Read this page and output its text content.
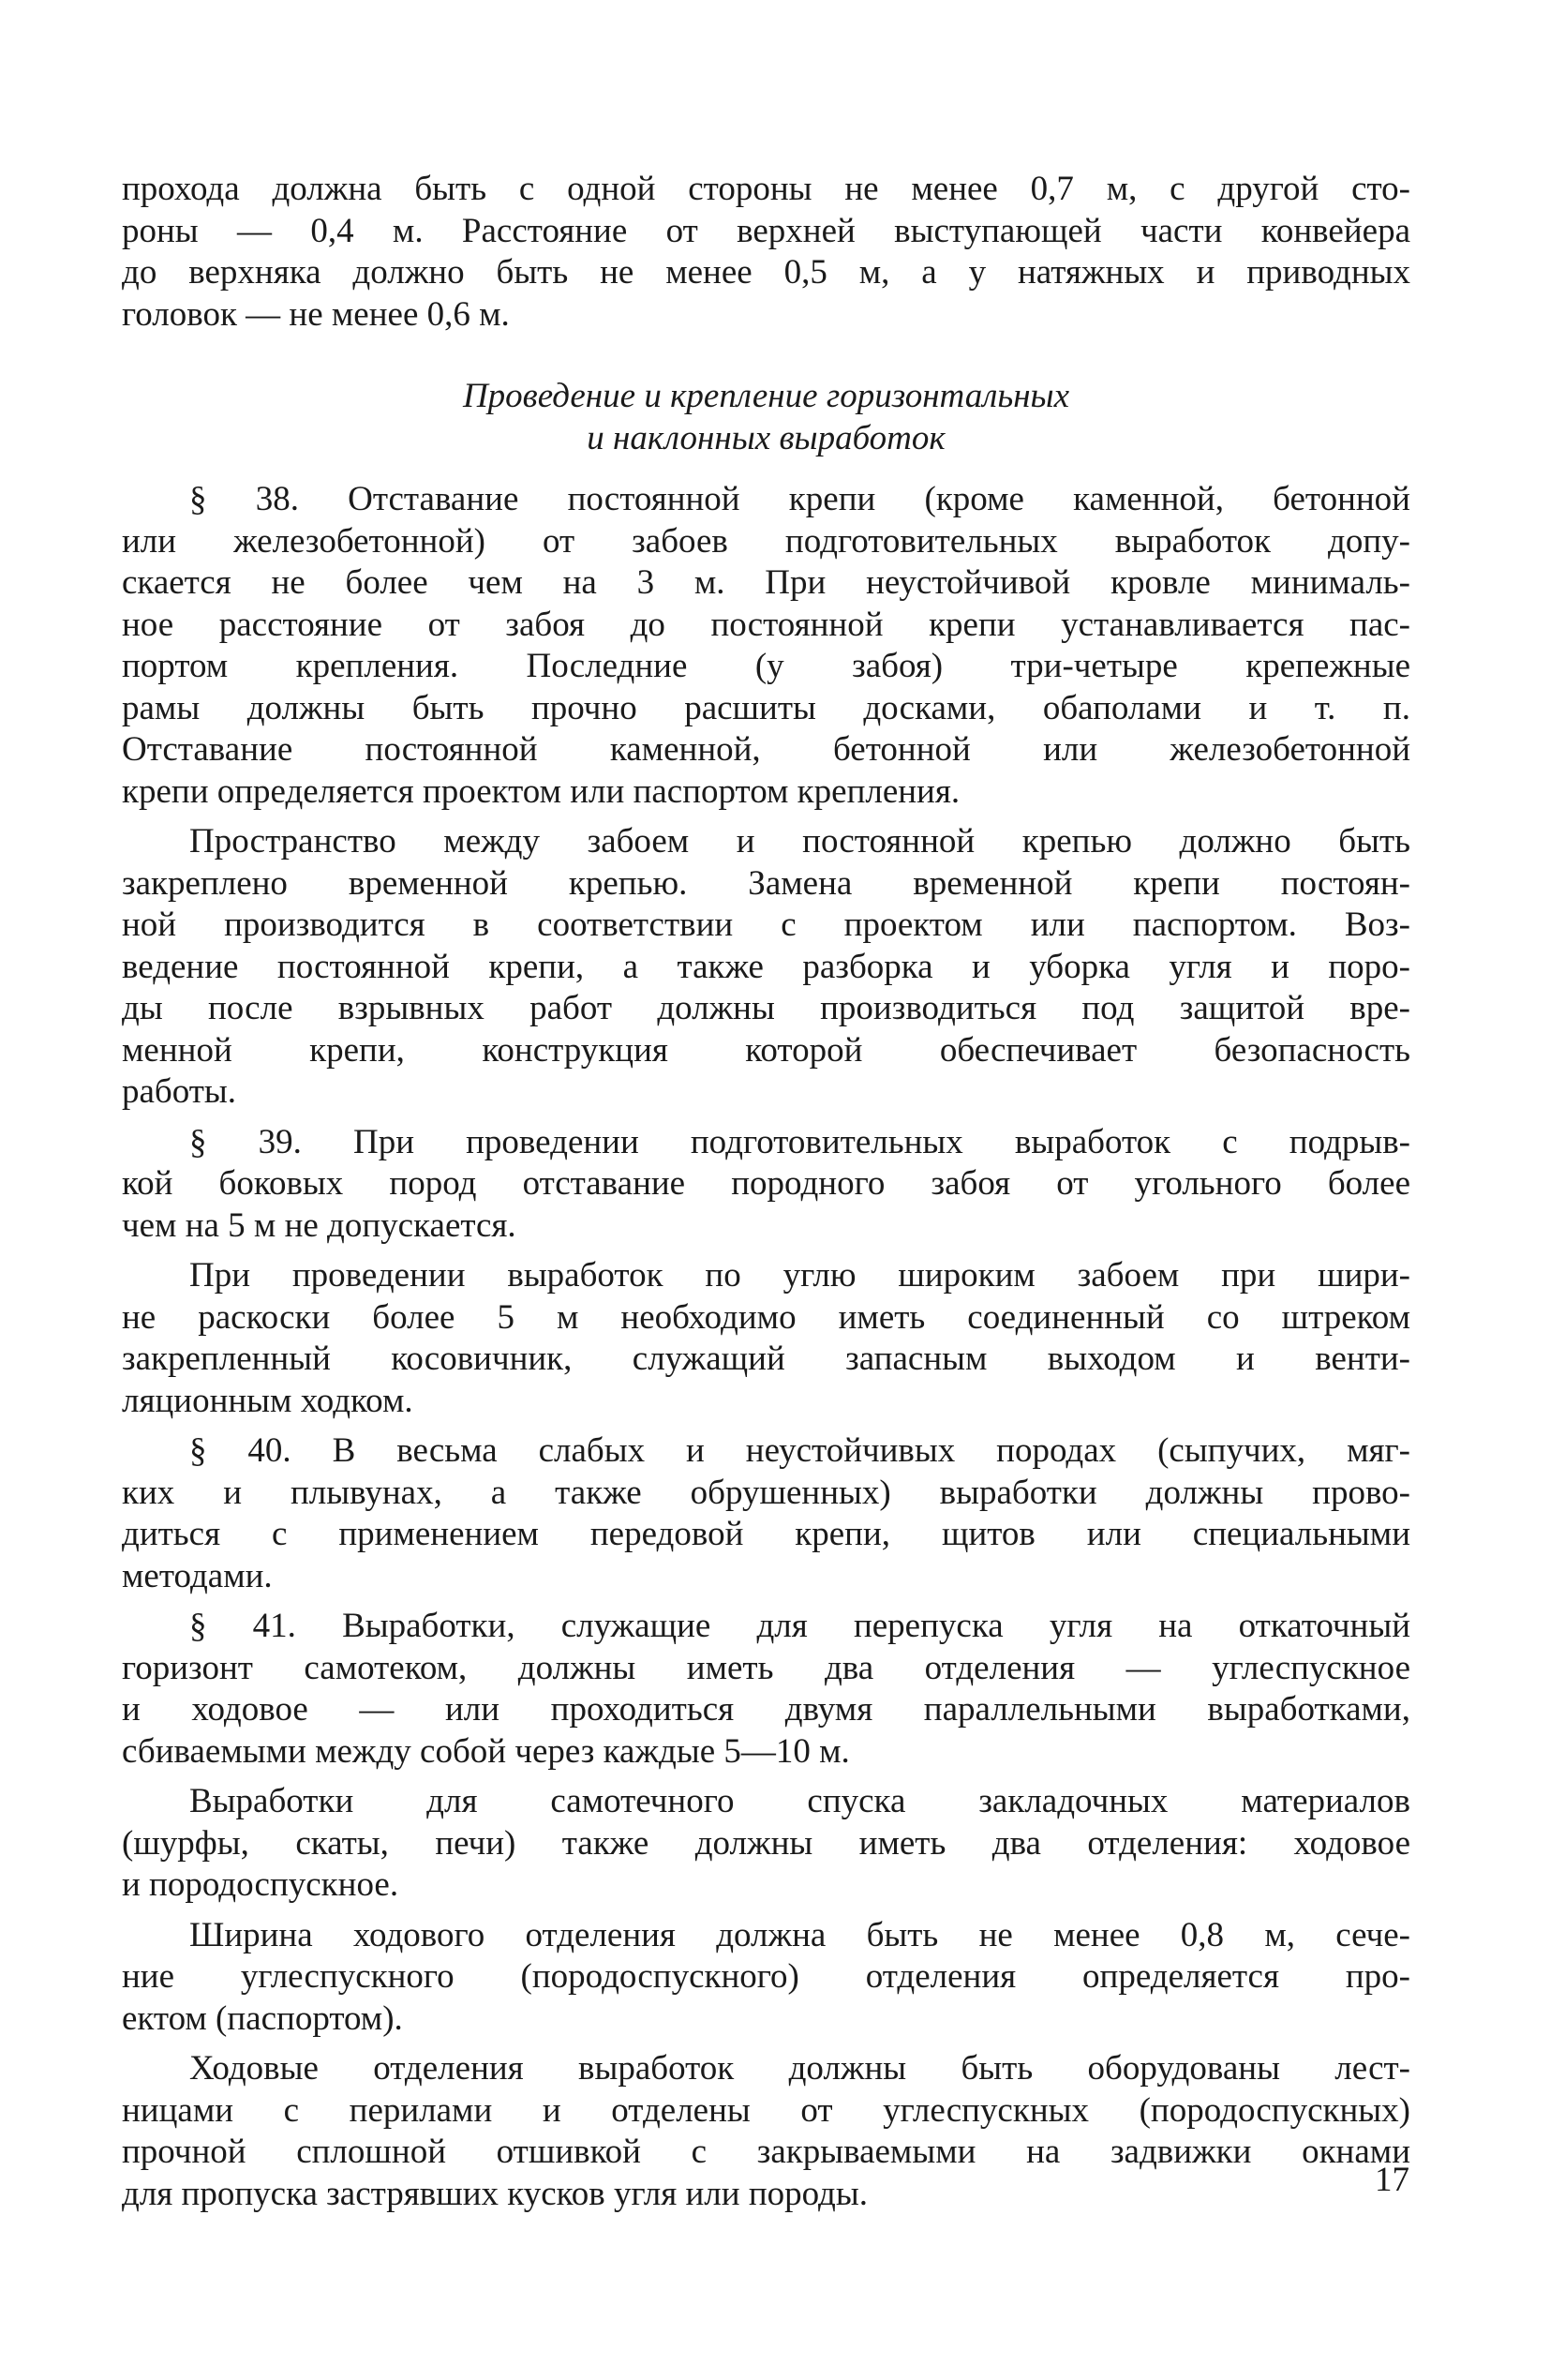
прохода должна быть с одной стороны не менее 0,7 м, с другой сто-
роны — 0,4 м. Расстояние от верхней выступающей части конвейера
до верхняка должно быть не менее 0,5 м, а у натяжных и приводных
головок — не менее 0,6 м.
Проведение и крепление горизонтальных
и наклонных выработок
§ 38. Отставание постоянной крепи (кроме каменной, бетонной
или железобетонной) от забоев подготовительных выработок допу-
скается не более чем на 3 м. При неустойчивой кровле минималь-
ное расстояние от забоя до постоянной крепи устанавливается пас-
портом крепления. Последние (у забоя) три-четыре крепежные
рамы должны быть прочно расшиты досками, обаполами и т. п.
Отставание постоянной каменной, бетонной или железобетонной
крепи определяется проектом или паспортом крепления.
Пространство между забоем и постоянной крепью должно быть
закреплено временной крепью. Замена временной крепи постоян-
ной производится в соответствии с проектом или паспортом. Воз-
ведение постоянной крепи, а также разборка и уборка угля и поро-
ды после взрывных работ должны производиться под защитой вре-
менной крепи, конструкция которой обеспечивает безопасность
работы.
§ 39. При проведении подготовительных выработок с подрыв-
кой боковых пород отставание породного забоя от угольного более
чем на 5 м не допускается.
При проведении выработок по углю широким забоем при шири-
не раскоски более 5 м необходимо иметь соединенный со штреком
закрепленный косовичник, служащий запасным выходом и венти-
ляционным ходком.
§ 40. В весьма слабых и неустойчивых породах (сыпучих, мяг-
ких и плывунах, а также обрушенных) выработки должны прово-
диться с применением передовой крепи, щитов или специальными
методами.
§ 41. Выработки, служащие для перепуска угля на откаточный
горизонт самотеком, должны иметь два отделения — углеспускное
и ходовое — или проходиться двумя параллельными выработками,
сбиваемыми между собой через каждые 5—10 м.
Выработки для самотечного спуска закладочных материалов
(шурфы, скаты, печи) также должны иметь два отделения: ходовое
и породоспускное.
Ширина ходового отделения должна быть не менее 0,8 м, сече-
ние углеспускного (породоспускного) отделения определяется про-
ектом (паспортом).
Ходовые отделения выработок должны быть оборудованы лест-
ницами с перилами и отделены от углеспускных (породоспускных)
прочной сплошной отшивкой с закрываемыми на задвижки окнами
для пропуска застрявших кусков угля или породы.	17
